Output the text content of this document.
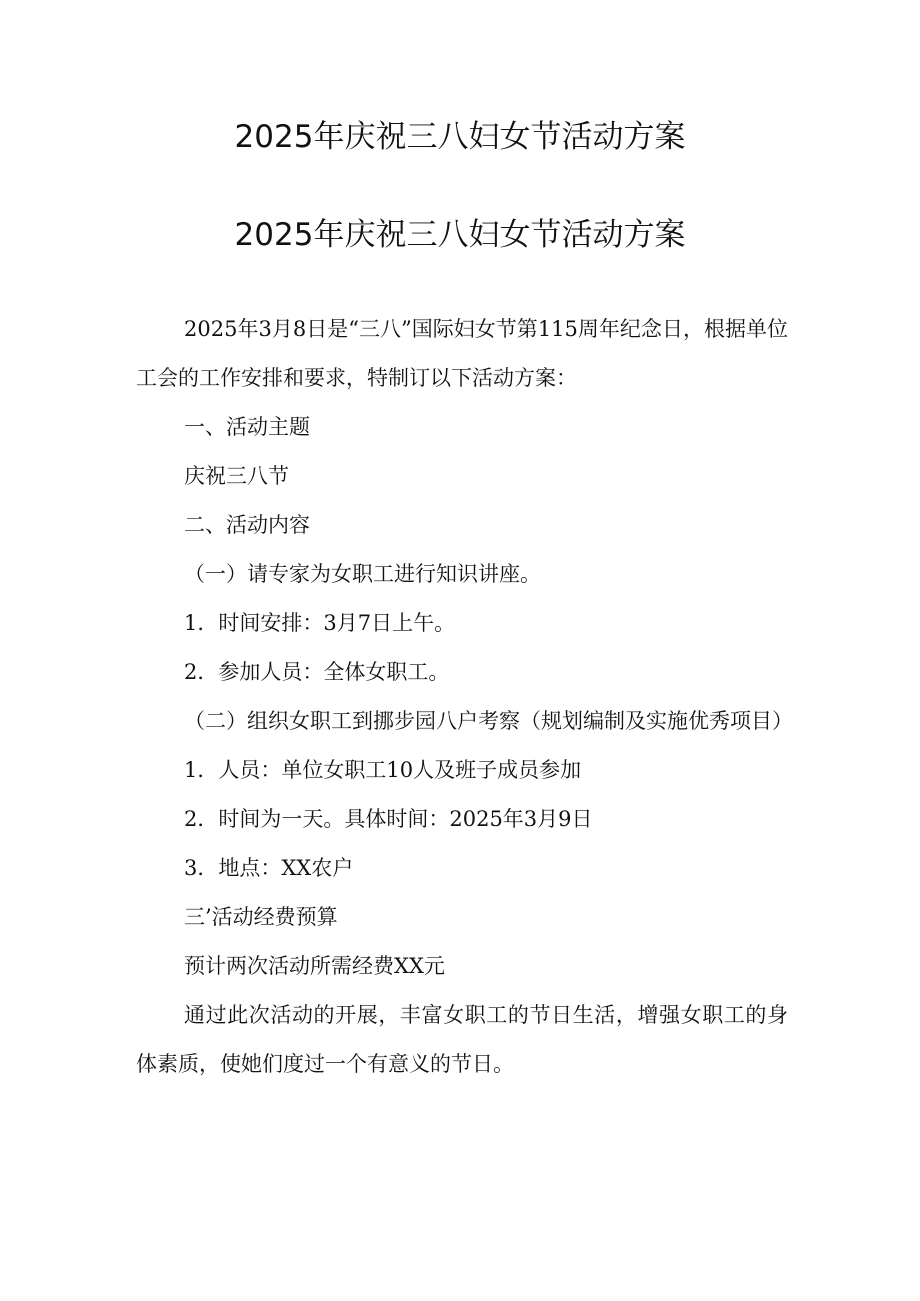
2025年庆祝三八妇女节活动方案
2025年庆祝三八妇女节活动方案

2025年3月8日是“三八”国际妇女节第115周年纪念日，根据单位工会的工作安排和要求，特制订以下活动方案：

一、活动主题

庆祝三八节

二、活动内容

（一）请专家为女职工进行知识讲座。

1．时间安排：3月7日上午。

2．参加人员：全体女职工。

（二）组织女职工到挪步园八户考察（规划编制及实施优秀项目）

1．人员：单位女职工10人及班子成员参加

2．时间为一天。具体时间：2025年3月9日

3．地点：XX农户

三’活动经费预算

预计两次活动所需经费XX元

通过此次活动的开展，丰富女职工的节日生活，增强女职工的身体素质，使她们度过一个有意义的节日。
